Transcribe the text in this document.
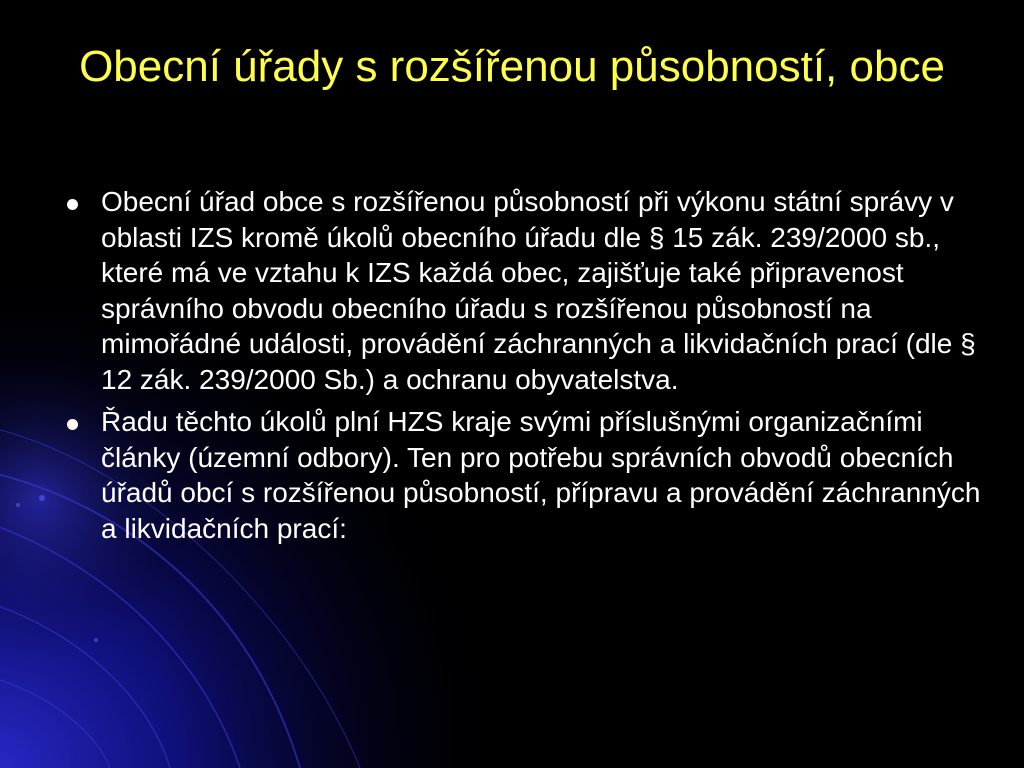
Obecní úřady s rozšířenou působností, obce
Obecní úřad obce s rozšířenou působností při výkonu státní správy v oblasti IZS kromě úkolů obecního úřadu dle § 15 zák. 239/2000 sb., které má ve vztahu k IZS každá obec, zajišťuje také připravenost správního obvodu obecního úřadu s rozšířenou působností na mimořádné události, provádění záchranných a likvidačních prací (dle § 12 zák. 239/2000 Sb.) a ochranu obyvatelstva.
Řadu těchto úkolů plní HZS kraje svými příslušnými organizačními články (územní odbory). Ten pro potřebu správních obvodů obecních úřadů obcí s rozšířenou působností, přípravu a provádění záchranných a likvidačních prací:
